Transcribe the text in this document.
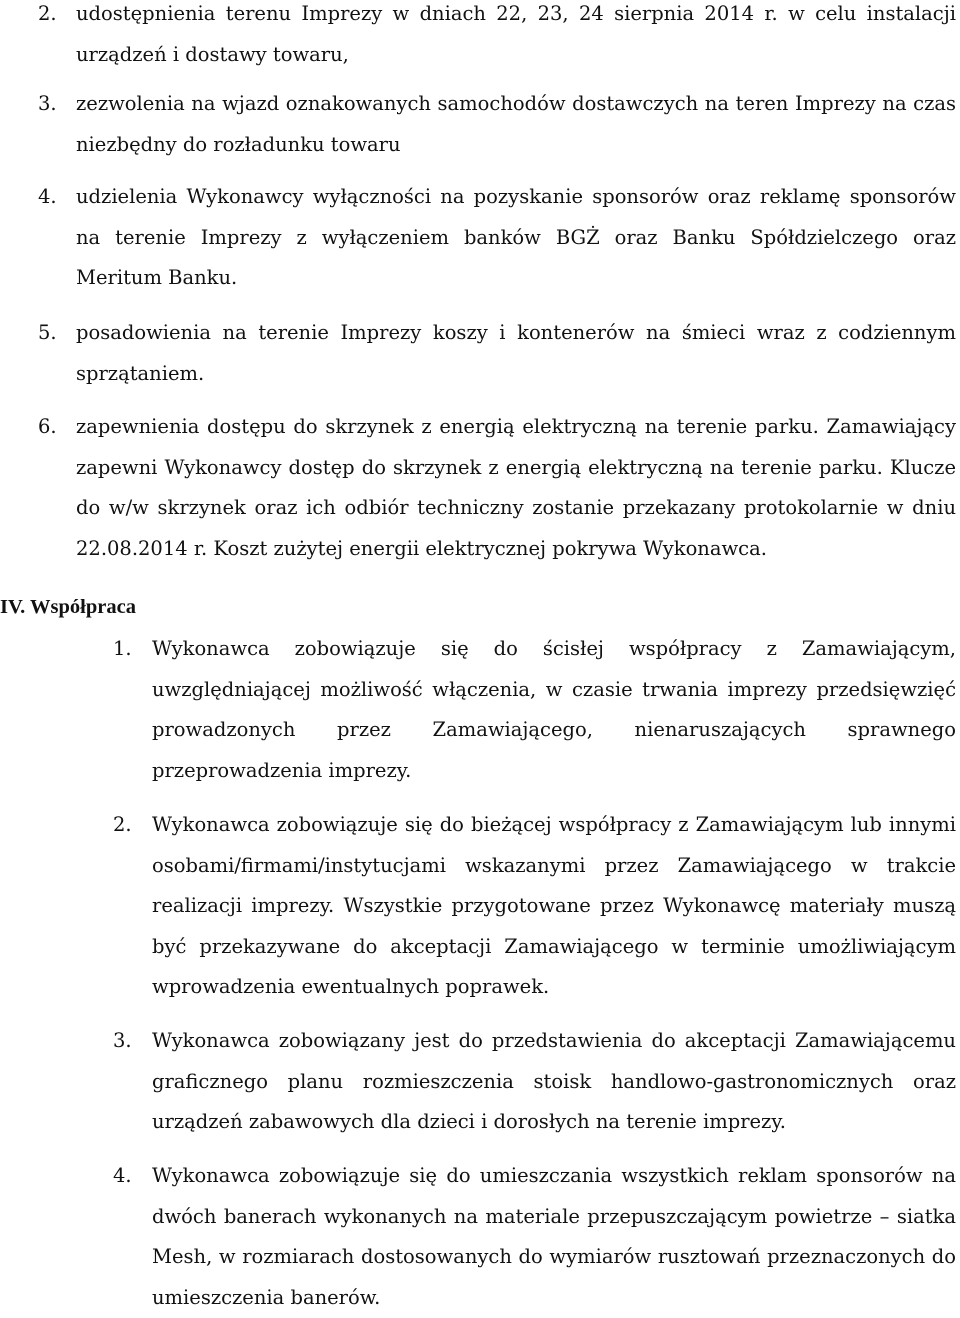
2. udostępnienia terenu Imprezy w dniach 22, 23, 24 sierpnia 2014 r. w celu instalacji urządzeń i dostawy towaru,

3. zezwolenia na wjazd oznakowanych samochodów dostawczych na teren Imprezy na czas niezbędny do rozładunku towaru

4. udzielenia Wykonawcy wyłączności na pozyskanie sponsorów oraz reklamę sponsorów na terenie Imprezy z wyłączeniem banków BGŻ oraz Banku Spółdzielczego oraz Meritum Banku.

5. posadowienia na terenie Imprezy koszy i kontenerów na śmieci wraz z codziennym sprzątaniem.

6. zapewnienia dostępu do skrzynek z energią elektryczną na terenie parku. Zamawiający zapewni Wykonawcy dostęp do skrzynek z energią elektryczną na terenie parku. Klucze do w/w skrzynek oraz ich odbiór techniczny zostanie przekazany protokolarnie w dniu 22.08.2014 r. Koszt zużytej energii elektrycznej pokrywa Wykonawca.

IV. Współpraca

1.	Wykonawca zobowiązuje się do ścisłej współpracy z Zamawiającym, uwzględniającej możliwość włączenia, w czasie trwania imprezy przedsięwzięć prowadzonych przez Zamawiającego, nienaruszających sprawnego przeprowadzenia imprezy.

2.	Wykonawca zobowiązuje się do bieżącej współpracy z Zamawiającym lub innymi osobami/firmami/instytucjami wskazanymi przez Zamawiającego w trakcie realizacji imprezy. Wszystkie przygotowane przez Wykonawcę materiały muszą być przekazywane do akceptacji Zamawiającego w terminie umożliwiającym wprowadzenia ewentualnych poprawek.

3.	Wykonawca zobowiązany jest do przedstawienia do akceptacji Zamawiającemu graficznego planu rozmieszczenia stoisk handlowo-gastronomicznych oraz urządzeń zabawowych dla dzieci i dorosłych na terenie imprezy.

4.	Wykonawca zobowiązuje się do umieszczania wszystkich reklam sponsorów na dwóch banerach wykonanych na materiale przepuszczającym powietrze – siatka Mesh, w rozmiarach dostosowanych do wymiarów rusztowań przeznaczonych do umieszczenia banerów.
